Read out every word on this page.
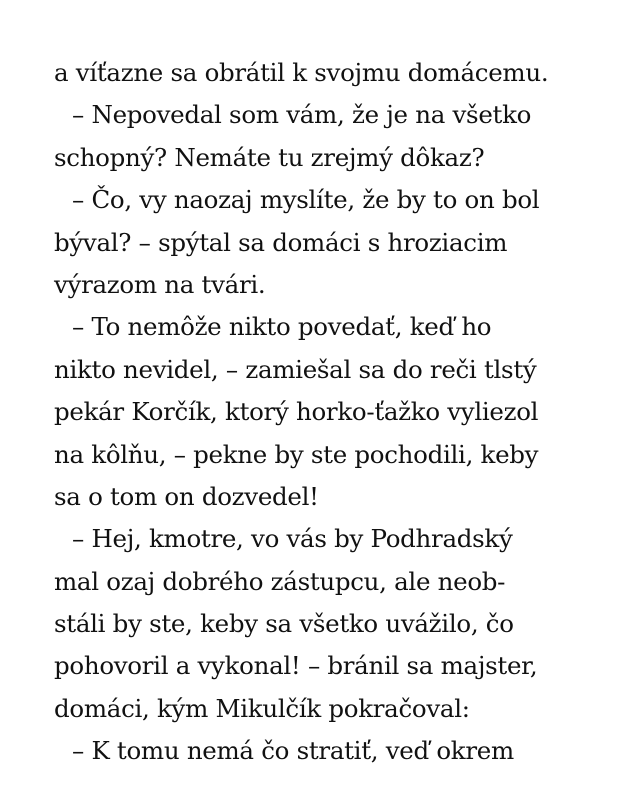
a víťazne sa obrátil k svojmu domácemu.
– Nepovedal som vám, že je na všetko
schopný? Nemáte tu zrejmý dôkaz?
– Čo, vy naozaj myslíte, že by to on bol
býval? – spýtal sa domáci s hroziacim
výrazom na tvári.
– To nemôže nikto povedať, keď ho
nikto nevidel, – zamiešal sa do reči tlstý
pekár Korčík, ktorý horko-ťažko vyliezol
na kôlňu, – pekne by ste pochodili, keby
sa o tom on dozvedel!
– Hej, kmotre, vo vás by Podhradský
mal ozaj dobrého zástupcu, ale neob-
stáli by ste, keby sa všetko uvážilo, čo
pohovoril a vykonal! – bránil sa majster,
domáci, kým Mikulčík pokračoval:
– K tomu nemá čo stratiť, veď okrem
